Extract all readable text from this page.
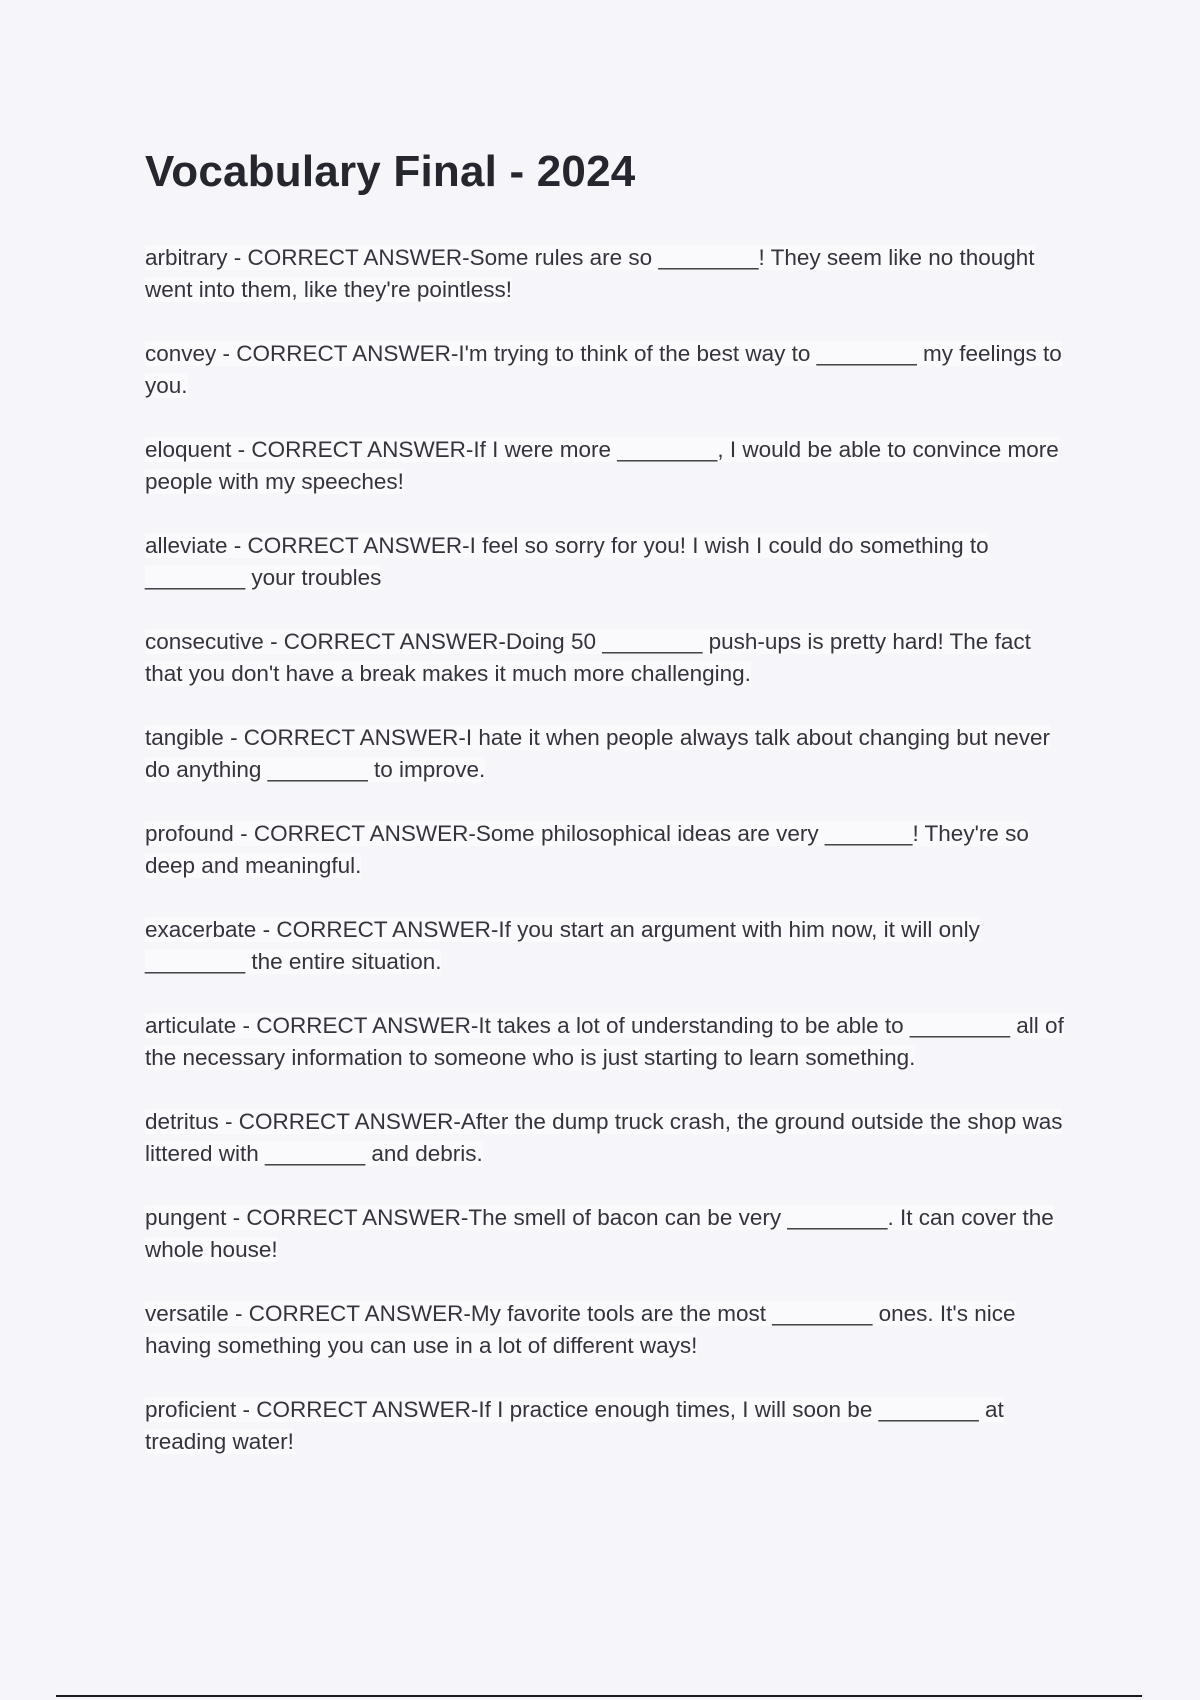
Vocabulary Final - 2024
arbitrary - CORRECT ANSWER-Some rules are so ________! They seem like no thought went into them, like they're pointless!
convey - CORRECT ANSWER-I'm trying to think of the best way to ________ my feelings to you.
eloquent - CORRECT ANSWER-If I were more ________, I would be able to convince more people with my speeches!
alleviate - CORRECT ANSWER-I feel so sorry for you! I wish I could do something to ________ your troubles
consecutive - CORRECT ANSWER-Doing 50 ________ push-ups is pretty hard! The fact that you don't have a break makes it much more challenging.
tangible - CORRECT ANSWER-I hate it when people always talk about changing but never do anything ________ to improve.
profound - CORRECT ANSWER-Some philosophical ideas are very _______! They're so deep and meaningful.
exacerbate - CORRECT ANSWER-If you start an argument with him now, it will only ________ the entire situation.
articulate - CORRECT ANSWER-It takes a lot of understanding to be able to ________ all of the necessary information to someone who is just starting to learn something.
detritus - CORRECT ANSWER-After the dump truck crash, the ground outside the shop was littered with ________ and debris.
pungent - CORRECT ANSWER-The smell of bacon can be very ________. It can cover the whole house!
versatile - CORRECT ANSWER-My favorite tools are the most ________ ones. It's nice having something you can use in a lot of different ways!
proficient - CORRECT ANSWER-If I practice enough times, I will soon be ________ at treading water!
